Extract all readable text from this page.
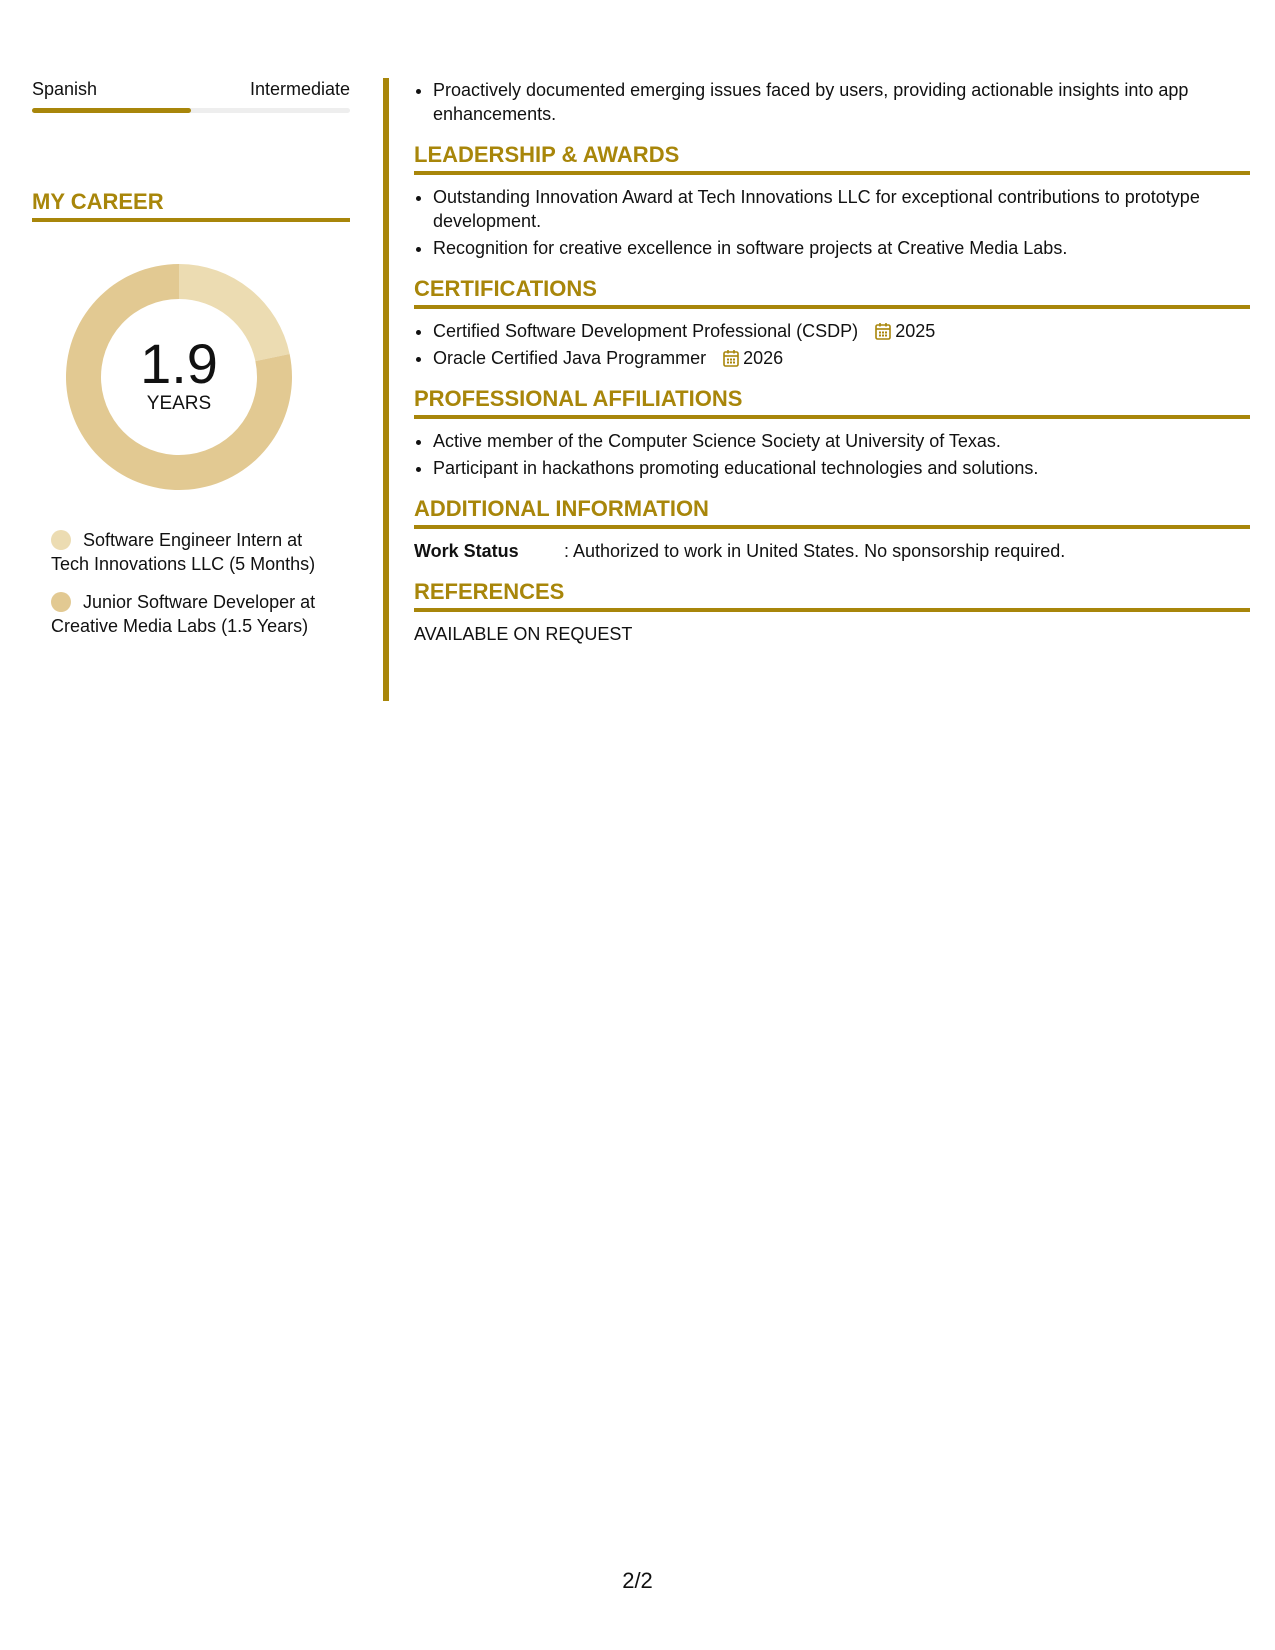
Spanish	Intermediate
MY CAREER
1.9
YEARS
Software Engineer Intern at Tech Innovations LLC (5 Months)
Junior Software Developer at Creative Media Labs (1.5 Years)
• Proactively documented emerging issues faced by users, providing actionable insights into app enhancements.
LEADERSHIP & AWARDS
• Outstanding Innovation Award at Tech Innovations LLC for exceptional contributions to prototype development.
• Recognition for creative excellence in software projects at Creative Media Labs.
CERTIFICATIONS
• Certified Software Development Professional (CSDP) 2025
• Oracle Certified Java Programmer 2026
PROFESSIONAL AFFILIATIONS
• Active member of the Computer Science Society at University of Texas.
• Participant in hackathons promoting educational technologies and solutions.
ADDITIONAL INFORMATION
Work Status	: Authorized to work in United States. No sponsorship required.
REFERENCES
AVAILABLE ON REQUEST
2/2
